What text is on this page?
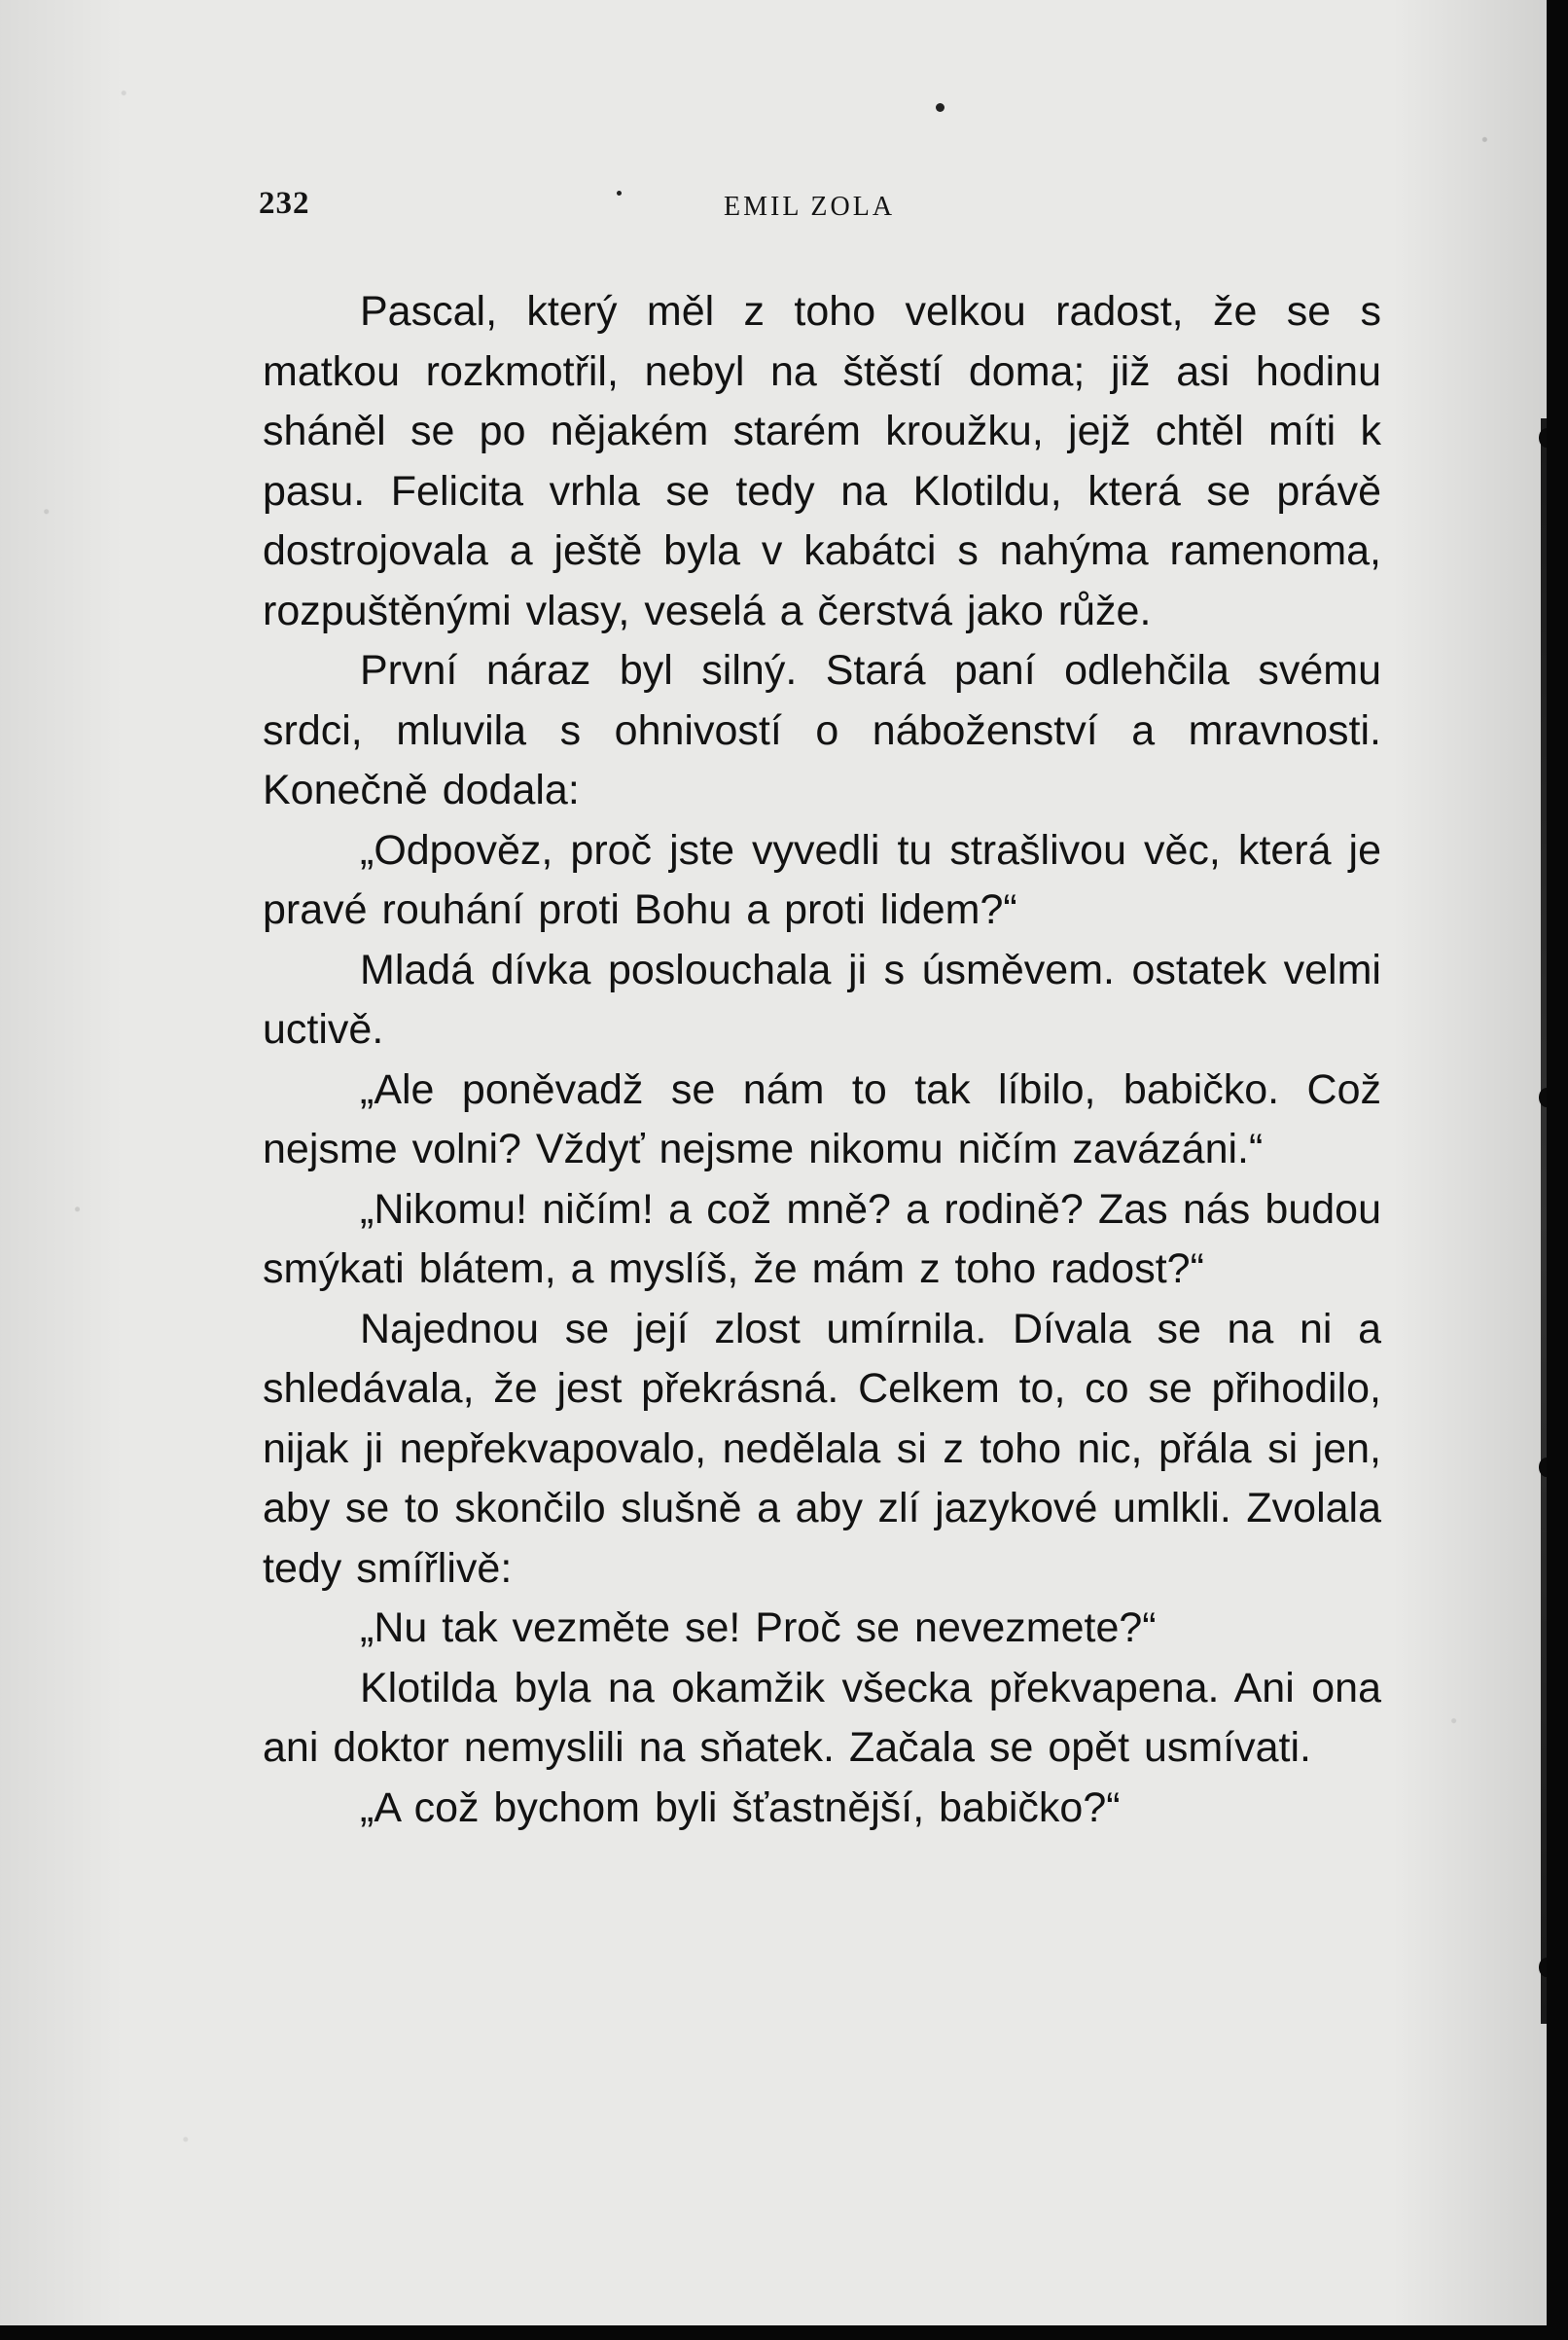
232	EMIL ZOLA

Pascal, který měl z toho velkou radost, že se s matkou rozkmotřil, nebyl na štěstí doma; již asi hodinu sháněl se po nějakém starém kroužku, jejž chtěl míti k pasu. Felicita vrhla se tedy na Klotildu, která se právě dostrojovala a ještě byla v kabátci s nahýma ramenoma, rozpuštěnými vlasy, veselá a čerstvá jako růže.

První náraz byl silný. Stará paní odlehčila svému srdci, mluvila s ohnivostí o náboženství a mravnosti. Konečně dodala:

„Odpověz, proč jste vyvedli tu strašlivou věc, která je pravé rouhání proti Bohu a proti lidem?“

Mladá dívka poslouchala ji s úsměvem. ostatek velmi uctivě.

„Ale poněvadž se nám to tak líbilo, babičko. Což nejsme volni? Vždyť nejsme nikomu ničím zavázáni.“

„Nikomu! ničím! a což mně? a rodině? Zas nás budou smýkati blátem, a myslíš, že mám z toho radost?“

Najednou se její zlost umírnila. Dívala se na ni a shledávala, že jest překrásná. Celkem to, co se přihodilo, nijak ji nepřekvapovalo, nedělala si z toho nic, přála si jen, aby se to skončilo slušně a aby zlí jazykové umlkli. Zvolala tedy smířlivě:

„Nu tak vezměte se! Proč se nevezmete?“

Klotilda byla na okamžik všecka překvapena. Ani ona ani doktor nemyslili na sňatek. Začala se opět usmívati.

„A což bychom byli šťastnější, babičko?“
